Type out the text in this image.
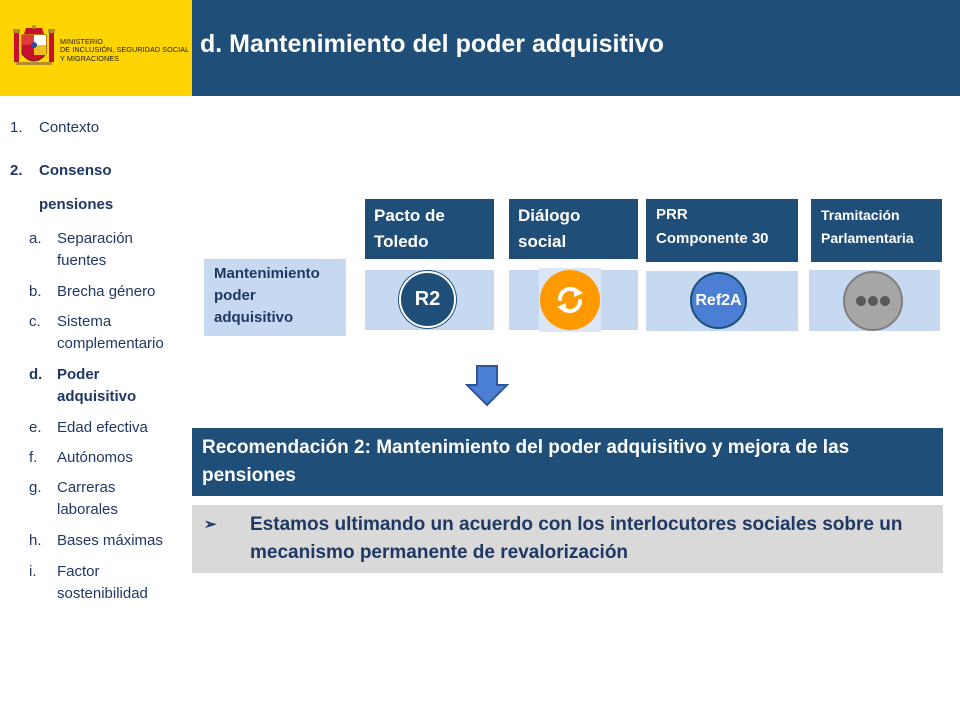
MINISTERIO
DE INCLUSIÓN, SEGURIDAD SOCIAL
Y MIGRACIONES
d. Mantenimiento del poder adquisitivo
1. Contexto
2. Consenso
pensiones
a. Separación
fuentes
b. Brecha género
c. Sistema
complementario
d. Poder
adquisitivo
e. Edad efectiva
f. Autónomos
g. Carreras
laborales
h. Bases máximas
i. Factor
sostenibilidad
Mantenimiento
poder
adquisitivo
Pacto de
Toledo
R2
Diálogo
social
PRR
Componente 30
Ref2A
Tramitación
Parlamentaria
Recomendación 2: Mantenimiento del poder adquisitivo y mejora de las pensiones
➢ Estamos ultimando un acuerdo con los interlocutores sociales sobre un mecanismo permanente de revalorización
